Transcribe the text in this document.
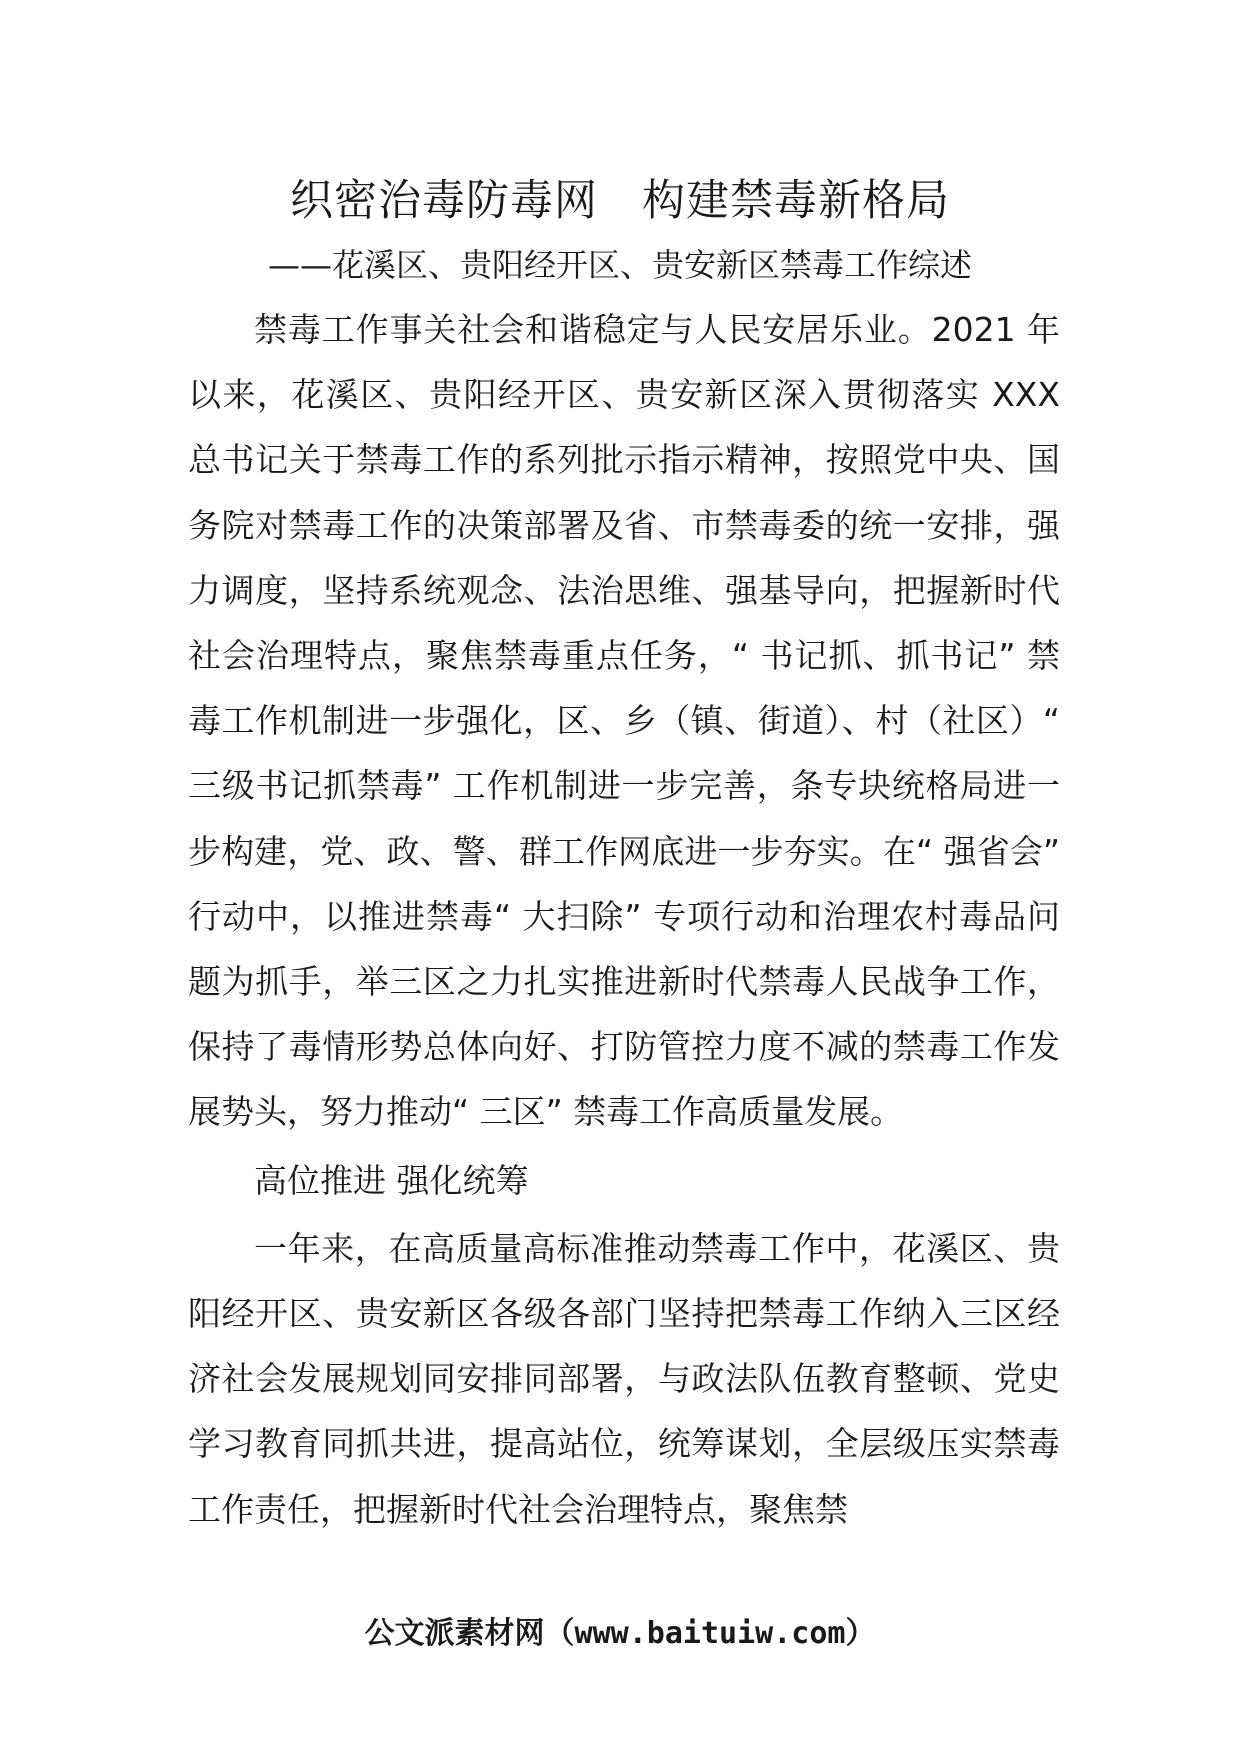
织密治毒防毒网　构建禁毒新格局
——花溪区、贵阳经开区、贵安新区禁毒工作综述

禁毒工作事关社会和谐稳定与人民安居乐业。2021 年以来，花溪区、贵阳经开区、贵安新区深入贯彻落实 XXX 总书记关于禁毒工作的系列批示指示精神，按照党中央、国务院对禁毒工作的决策部署及省、市禁毒委的统一安排，强力调度，坚持系统观念、法治思维、强基导向，把握新时代社会治理特点，聚焦禁毒重点任务，“ 书记抓、抓书记” 禁毒工作机制进一步强化，区、乡（镇、街道）、村（社区）“ 三级书记抓禁毒” 工作机制进一步完善，条专块统格局进一步构建，党、政、警、群工作网底进一步夯实。在“ 强省会” 行动中，以推进禁毒“ 大扫除” 专项行动和治理农村毒品问题为抓手，举三区之力扎实推进新时代禁毒人民战争工作，保持了毒情形势总体向好、打防管控力度不减的禁毒工作发展势头，努力推动“ 三区” 禁毒工作高质量发展。

高位推进 强化统筹

一年来，在高质量高标准推动禁毒工作中，花溪区、贵阳经开区、贵安新区各级各部门坚持把禁毒工作纳入三区经济社会发展规划同安排同部署，与政法队伍教育整顿、党史学习教育同抓共进，提高站位，统筹谋划，全层级压实禁毒工作责任，把握新时代社会治理特点，聚焦禁

公文派素材网（www.baituiw.com）
